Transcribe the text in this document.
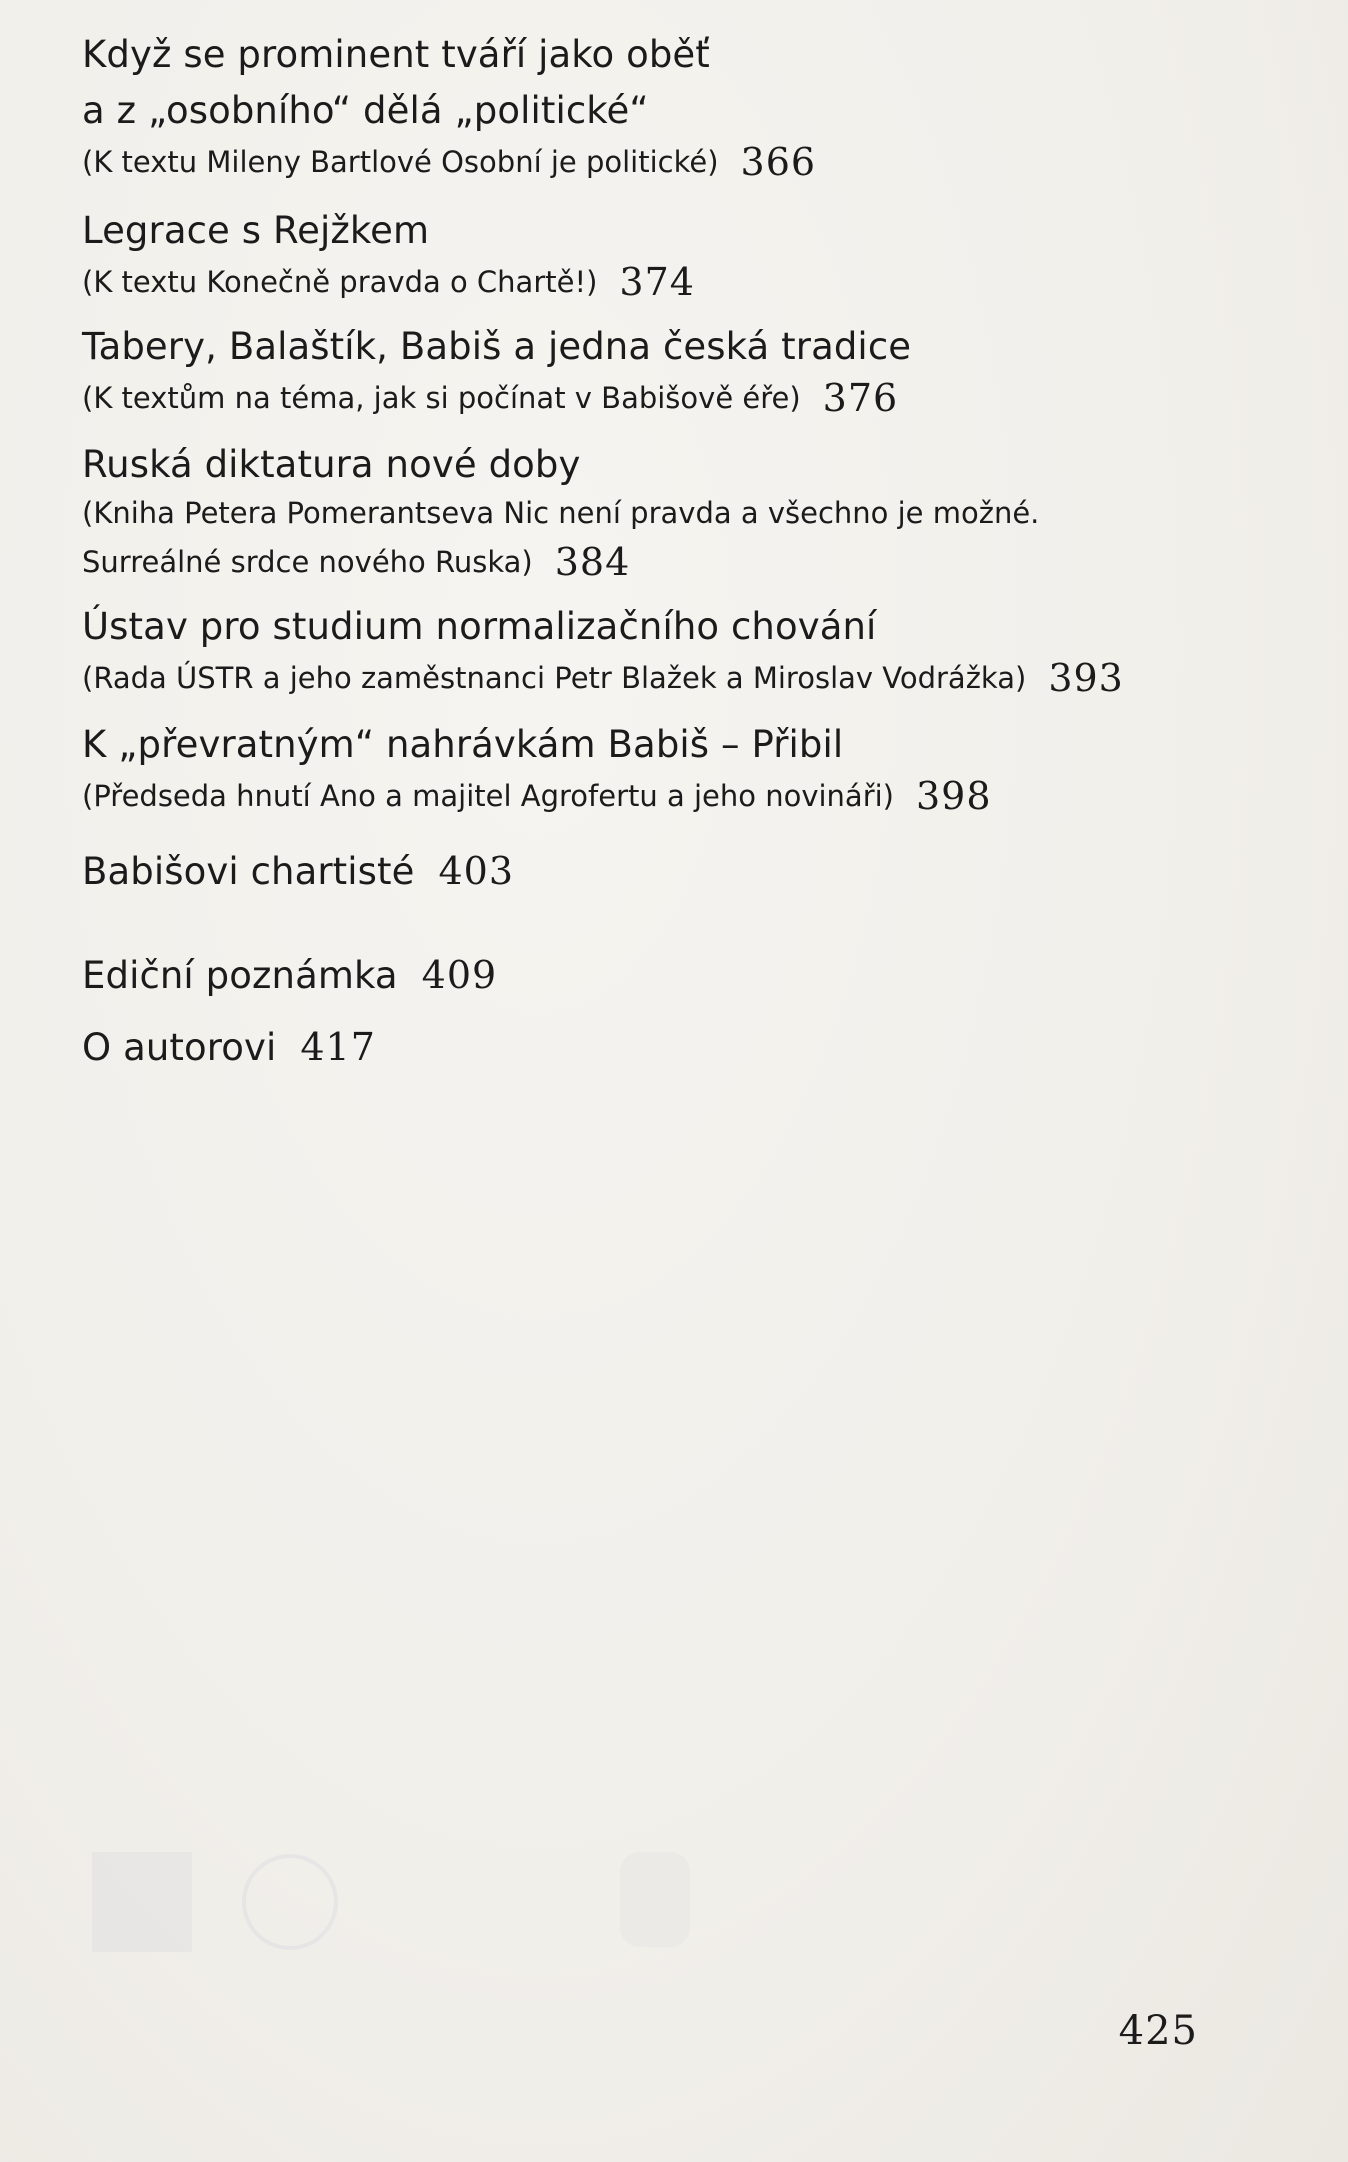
Když se prominent tváří jako oběť
a z „osobního“ dělá „politické“
(K textu Mileny Bartlové Osobní je politické) 366
Legrace s Rejžkem
(K textu Konečně pravda o Chartě!) 374
Tabery, Balaštík, Babiš a jedna česká tradice
(K textům na téma, jak si počínat v Babišově éře) 376
Ruská diktatura nové doby
(Kniha Petera Pomerantseva Nic není pravda a všechno je možné.
Surreálné srdce nového Ruska) 384
Ústav pro studium normalizačního chování
(Rada ÚSTR a jeho zaměstnanci Petr Blažek a Miroslav Vodrážka) 393
K „převratným“ nahrávkám Babiš – Přibil
(Předseda hnutí Ano a majitel Agrofertu a jeho novináři) 398
Babišovi chartisté 403
Ediční poznámka 409
O autorovi 417
425
